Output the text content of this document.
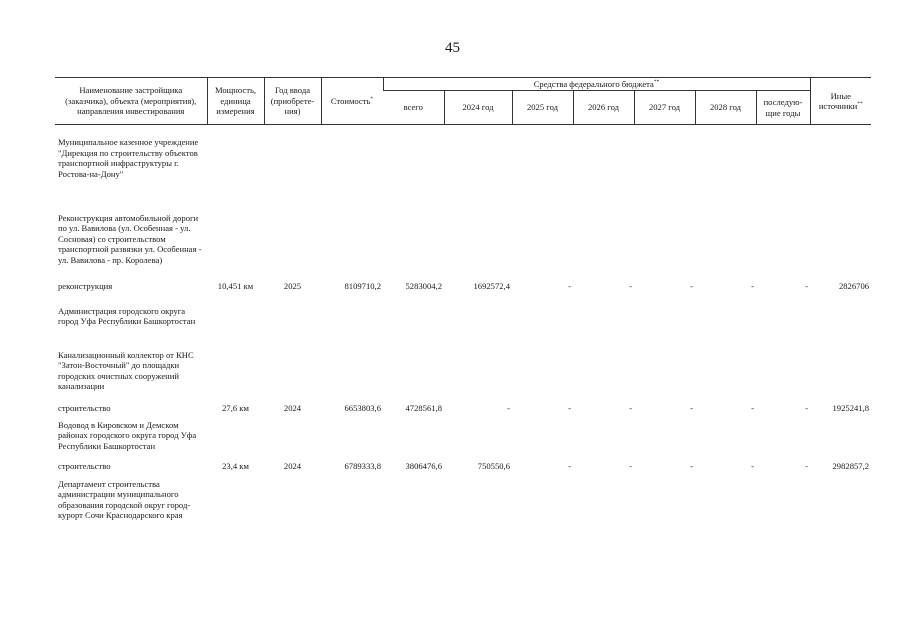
45
Наименование застройщика (заказчика), объекта (мероприятия), направления инвестирования	Мощность, единица измерения	Год ввода (приобрете- ния)	Стоимость*	Средства федерального бюджета**							Иные источники**
				всего	2024 год	2025 год	2026 год	2027 год	2028 год	последую- щие годы	
Муниципальное казенное учреждение "Дирекция по строительству объектов транспортной инфраструктуры г. Ростова-на-Дону"											
Реконструкция автомобильной дороги по ул. Вавилова (ул. Особенная - ул. Сосновая) со строительством транспортной развязки ул. Особенная - ул. Вавилова - пр. Королева)											
реконструкция	10,451 км	2025	8109710,2	5283004,2	1692572,4	-	-	-	-	-	2826706
Администрация городского округа город Уфа Республики Башкортостан											
Канализационный коллектор от КНС "Затон-Восточный" до площадки городских очистных сооружений канализации											
строительство	27,6 км	2024	6653803,6	4728561,8	-	-	-	-	-	-	1925241,8
Водовод в Кировском и Демском районах городского округа город Уфа Республики Башкортостан											
строительство	23,4 км	2024	6789333,8	3806476,6	750550,6	-	-	-	-	-	2982857,2
Департамент строительства администрации муниципального образования городской округ город-курорт Сочи Краснодарского края											
